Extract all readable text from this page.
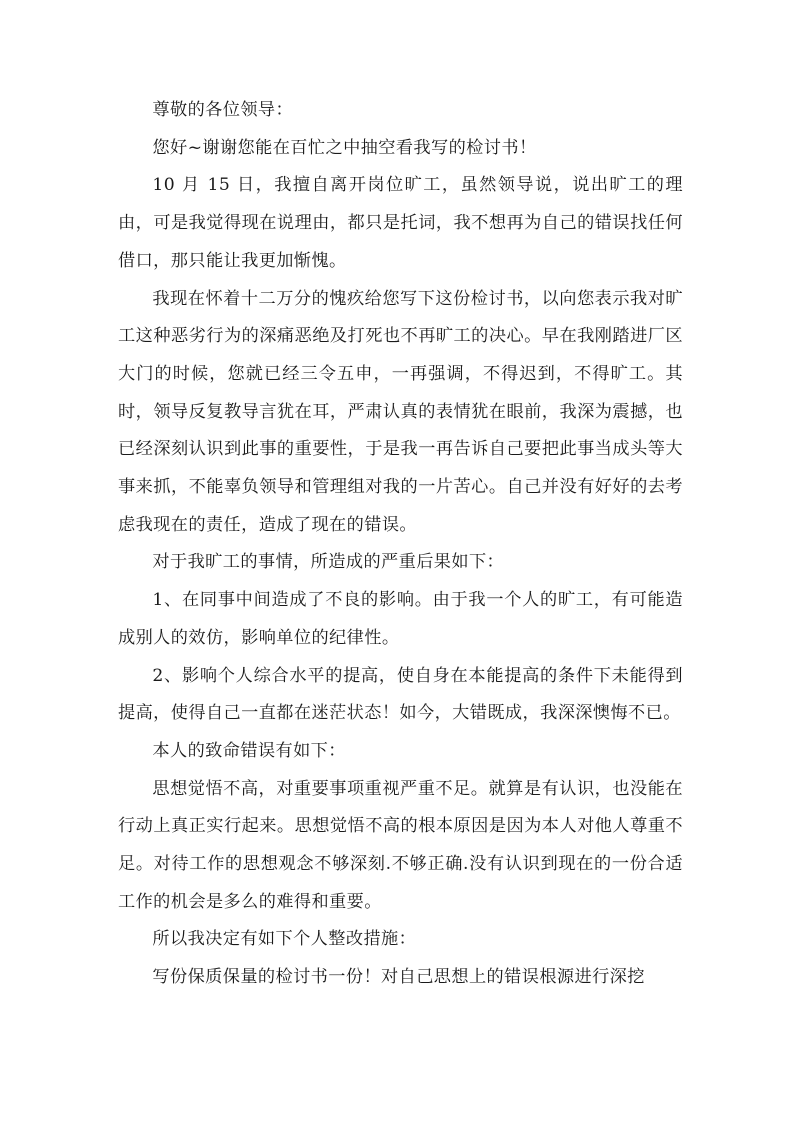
尊敬的各位领导：

您好~谢谢您能在百忙之中抽空看我写的检讨书！

10 月 15 日，我擅自离开岗位旷工，虽然领导说，说出旷工的理由，可是我觉得现在说理由，都只是托词，我不想再为自己的错误找任何借口，那只能让我更加惭愧。

我现在怀着十二万分的愧疚给您写下这份检讨书，以向您表示我对旷工这种恶劣行为的深痛恶绝及打死也不再旷工的决心。早在我刚踏进厂区大门的时候，您就已经三令五申，一再强调，不得迟到，不得旷工。其时，领导反复教导言犹在耳，严肃认真的表情犹在眼前，我深为震撼，也已经深刻认识到此事的重要性，于是我一再告诉自己要把此事当成头等大事来抓，不能辜负领导和管理组对我的一片苦心。自己并没有好好的去考虑我现在的责任，造成了现在的错误。

对于我旷工的事情，所造成的严重后果如下：

1、在同事中间造成了不良的影响。由于我一个人的旷工，有可能造成别人的效仿，影响单位的纪律性。

2、影响个人综合水平的提高，使自身在本能提高的条件下未能得到提高，使得自己一直都在迷茫状态！如今，大错既成，我深深懊悔不已。

本人的致命错误有如下：

思想觉悟不高，对重要事项重视严重不足。就算是有认识，也没能在行动上真正实行起来。思想觉悟不高的根本原因是因为本人对他人尊重不足。对待工作的思想观念不够深刻.不够正确.没有认识到现在的一份合适工作的机会是多么的难得和重要。

所以我决定有如下个人整改措施：

写份保质保量的检讨书一份！对自己思想上的错误根源进行深挖
